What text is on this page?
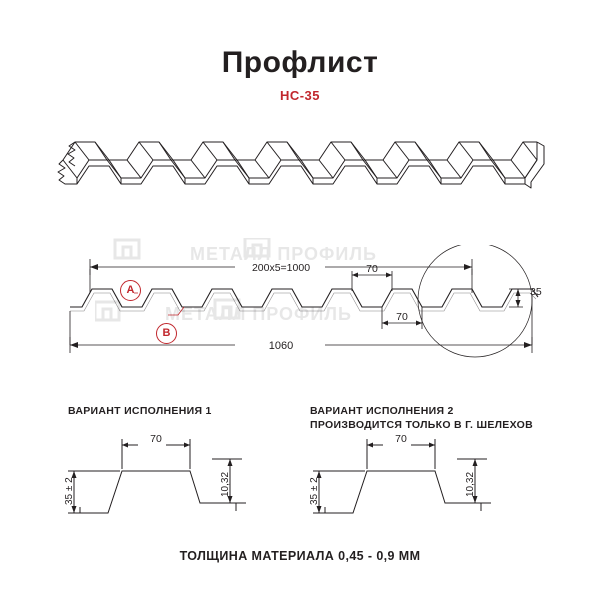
Профлист
НС-35
МЕТАЛЛ ПРОФИЛЬ
МЕТАЛЛ ПРОФИЛЬ
200х5=1000	70
70
35
1060
A
B
ВАРИАНТ ИСПОЛНЕНИЯ 1
70
35 ± 2	10,32
ВАРИАНТ ИСПОЛНЕНИЯ 2
ПРОИЗВОДИТСЯ ТОЛЬКО В Г. ШЕЛЕХОВ
70
35 ± 2	10,32
ТОЛЩИНА МАТЕРИАЛА 0,45 - 0,9 ММ
